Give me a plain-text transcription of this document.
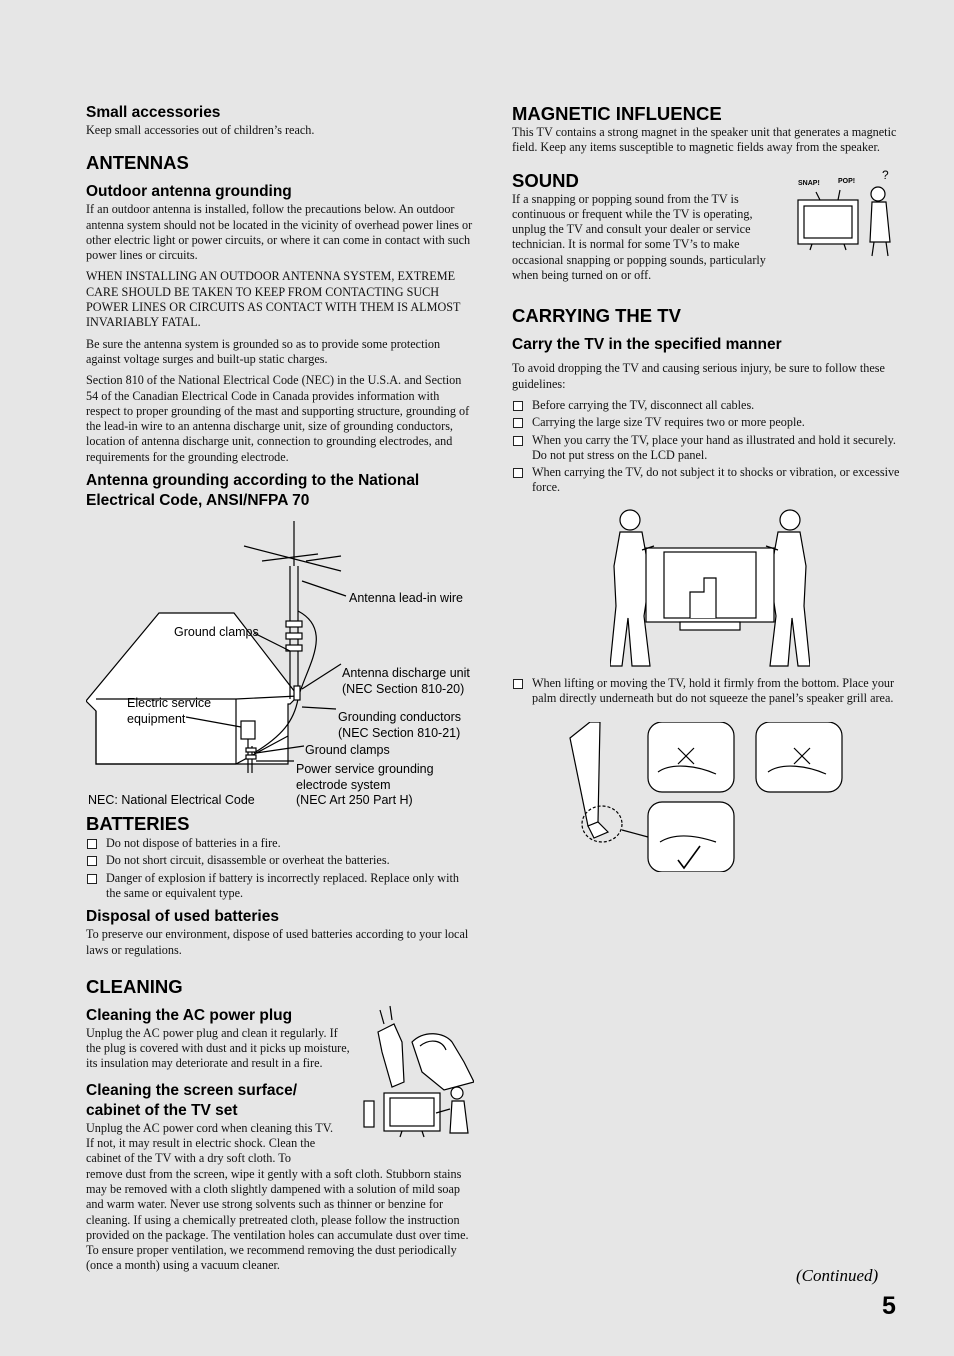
Small accessories

Keep small accessories out of children’s reach.

ANTENNAS
Outdoor antenna grounding

If an outdoor antenna is installed, follow the precautions below. An outdoor antenna system should not be located in the vicinity of overhead power lines or other electric light or power circuits, or where it can come in contact with such power lines or circuits.

WHEN INSTALLING AN OUTDOOR ANTENNA SYSTEM, EXTREME CARE SHOULD BE TAKEN TO KEEP FROM CONTACTING SUCH POWER LINES OR CIRCUITS AS CONTACT WITH THEM IS ALMOST INVARIABLY FATAL.

Be sure the antenna system is grounded so as to provide some protection against voltage surges and built-up static charges.

Section 810 of the National Electrical Code (NEC) in the U.S.A. and Section 54 of the Canadian Electrical Code in Canada provides information with respect to proper grounding of the mast and supporting structure, grounding of the lead-in wire to an antenna discharge unit, size of grounding conductors, location of antenna discharge unit, connection to grounding electrodes, and requirements for the grounding electrode.

Antenna grounding according to the National Electrical Code, ANSI/NFPA 70
Antenna lead-in wire
Ground clamps
Antenna discharge unit
(NEC Section 810-20)
Electric service
equipment	Grounding conductors
(NEC Section 810-21)
Ground clamps
Power service grounding
electrode system
(NEC Art 250 Part H)
NEC: National Electrical Code
BATTERIES
Do not dispose of batteries in a fire.
Do not short circuit, disassemble or overheat the batteries.
Danger of explosion if battery is incorrectly replaced. Replace only with the same or equivalent type.
Disposal of used batteries

To preserve our environment, dispose of used batteries according to your local laws or regulations.

CLEANING
Cleaning the AC power plug

Unplug the AC power plug and clean it regularly. If the plug is covered with dust and it picks up moisture, its insulation may deteriorate and result in a fire.

Cleaning the screen surface/ cabinet of the TV set

Unplug the AC power cord when cleaning this TV. If not, it may result in electric shock. Clean the cabinet of the TV with a dry soft cloth. To

remove dust from the screen, wipe it gently with a soft cloth. Stubborn stains may be removed with a cloth slightly dampened with a solution of mild soap and warm water. Never use strong solvents such as thinner or benzine for cleaning. If using a chemically pretreated cloth, please follow the instruction provided on the package. The ventilation holes can accumulate dust over time. To ensure proper ventilation, we recommend removing the dust periodically (once a month) using a vacuum cleaner.

MAGNETIC INFLUENCE

This TV contains a strong magnet in the speaker unit that generates a magnetic field. Keep any items susceptible to magnetic fields away from the speaker.

SOUND

If a snapping or popping sound from the TV is continuous or frequent while the TV is operating, unplug the TV and consult your dealer or service technician. It is normal for some TV’s to make occasional snapping or popping sounds, particularly when being turned on or off.

SNAP!	POP! ?
CARRYING THE TV
Carry the TV in the specified manner

To avoid dropping the TV and causing serious injury, be sure to follow these guidelines:

Before carrying the TV, disconnect all cables.
Carrying the large size TV requires two or more people.
When you carry the TV, place your hand as illustrated and hold it securely. Do not put stress on the LCD panel.
When carrying the TV, do not subject it to shocks or vibration, or excessive force.
When lifting or moving the TV, hold it firmly from the bottom. Place your palm directly underneath but do not squeeze the panel’s speaker grill area.
(Continued)
5
